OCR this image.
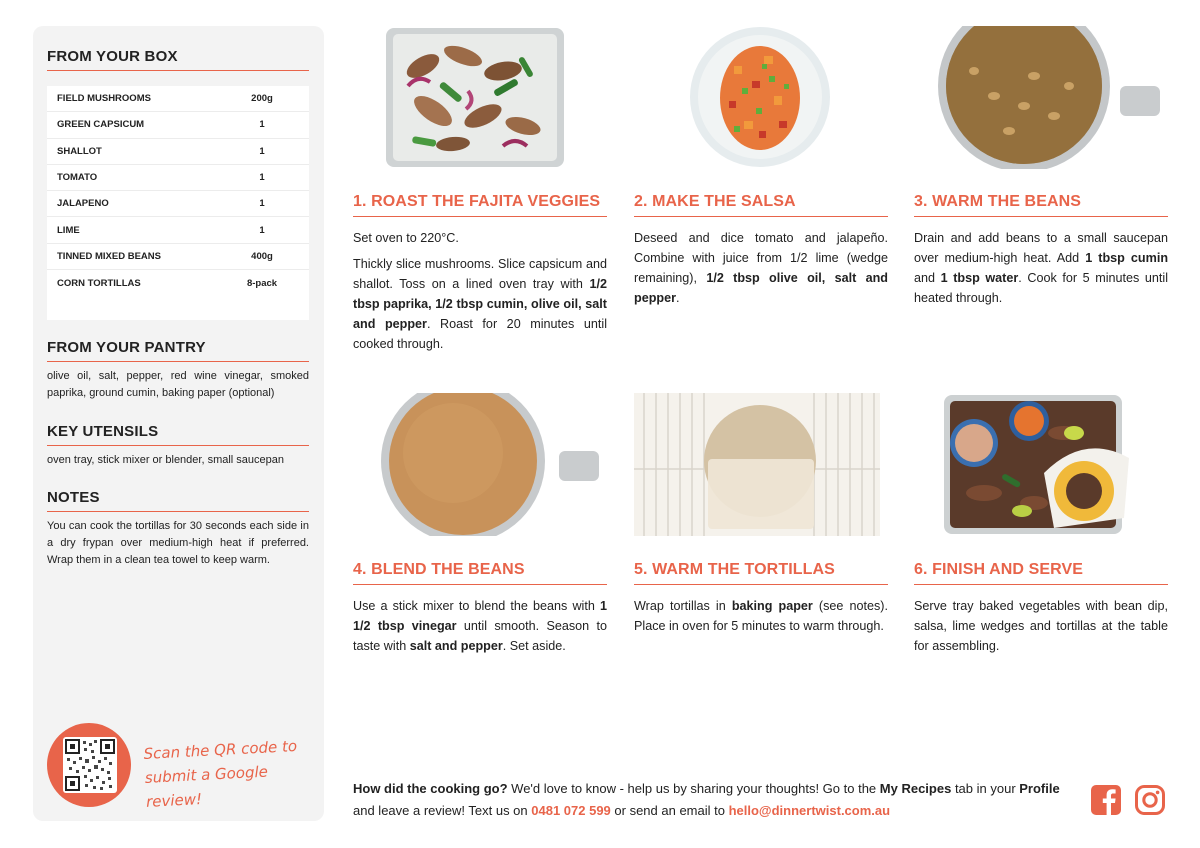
FROM YOUR BOX
FIELD MUSHROOMS	200g
GREEN CAPSICUM	1
SHALLOT	1
TOMATO	1
JALAPENO	1
LIME	1
TINNED MIXED BEANS	400g
CORN TORTILLAS	8-pack
FROM YOUR PANTRY
olive oil, salt, pepper, red wine vinegar, smoked paprika, ground cumin, baking paper (optional)
KEY UTENSILS
oven tray, stick mixer or blender, small saucepan
NOTES
You can cook the tortillas for 30 seconds each side in a dry frypan over medium-high heat if preferred. Wrap them in a clean tea towel to keep warm.
Scan the QR code to
submit a Google review!
1. ROAST THE FAJITA VEGGIES

Set oven to 220°C.

Thickly slice mushrooms. Slice capsicum and shallot. Toss on a lined oven tray with 1/2 tbsp paprika, 1/2 tbsp cumin, olive oil, salt and pepper. Roast for 20 minutes until cooked through.

2. MAKE THE SALSA

Deseed and dice tomato and jalapeño. Combine with juice from 1/2 lime (wedge remaining), 1/2 tbsp olive oil, salt and pepper.

3. WARM THE BEANS

Drain and add beans to a small saucepan over medium-high heat. Add 1 tbsp cumin and 1 tbsp water. Cook for 5 minutes until heated through.

4. BLEND THE BEANS

Use a stick mixer to blend the beans with 1 1/2 tbsp vinegar until smooth. Season to taste with salt and pepper. Set aside.

5. WARM THE TORTILLAS

Wrap tortillas in baking paper (see notes). Place in oven for 5 minutes to warm through.

6. FINISH AND SERVE

Serve tray baked vegetables with bean dip, salsa, lime wedges and tortillas at the table for assembling.

How did the cooking go? We'd love to know - help us by sharing your thoughts! Go to the My Recipes tab in your Profile and leave a review! Text us on 0481 072 599 or send an email to hello@dinnertwist.com.au
